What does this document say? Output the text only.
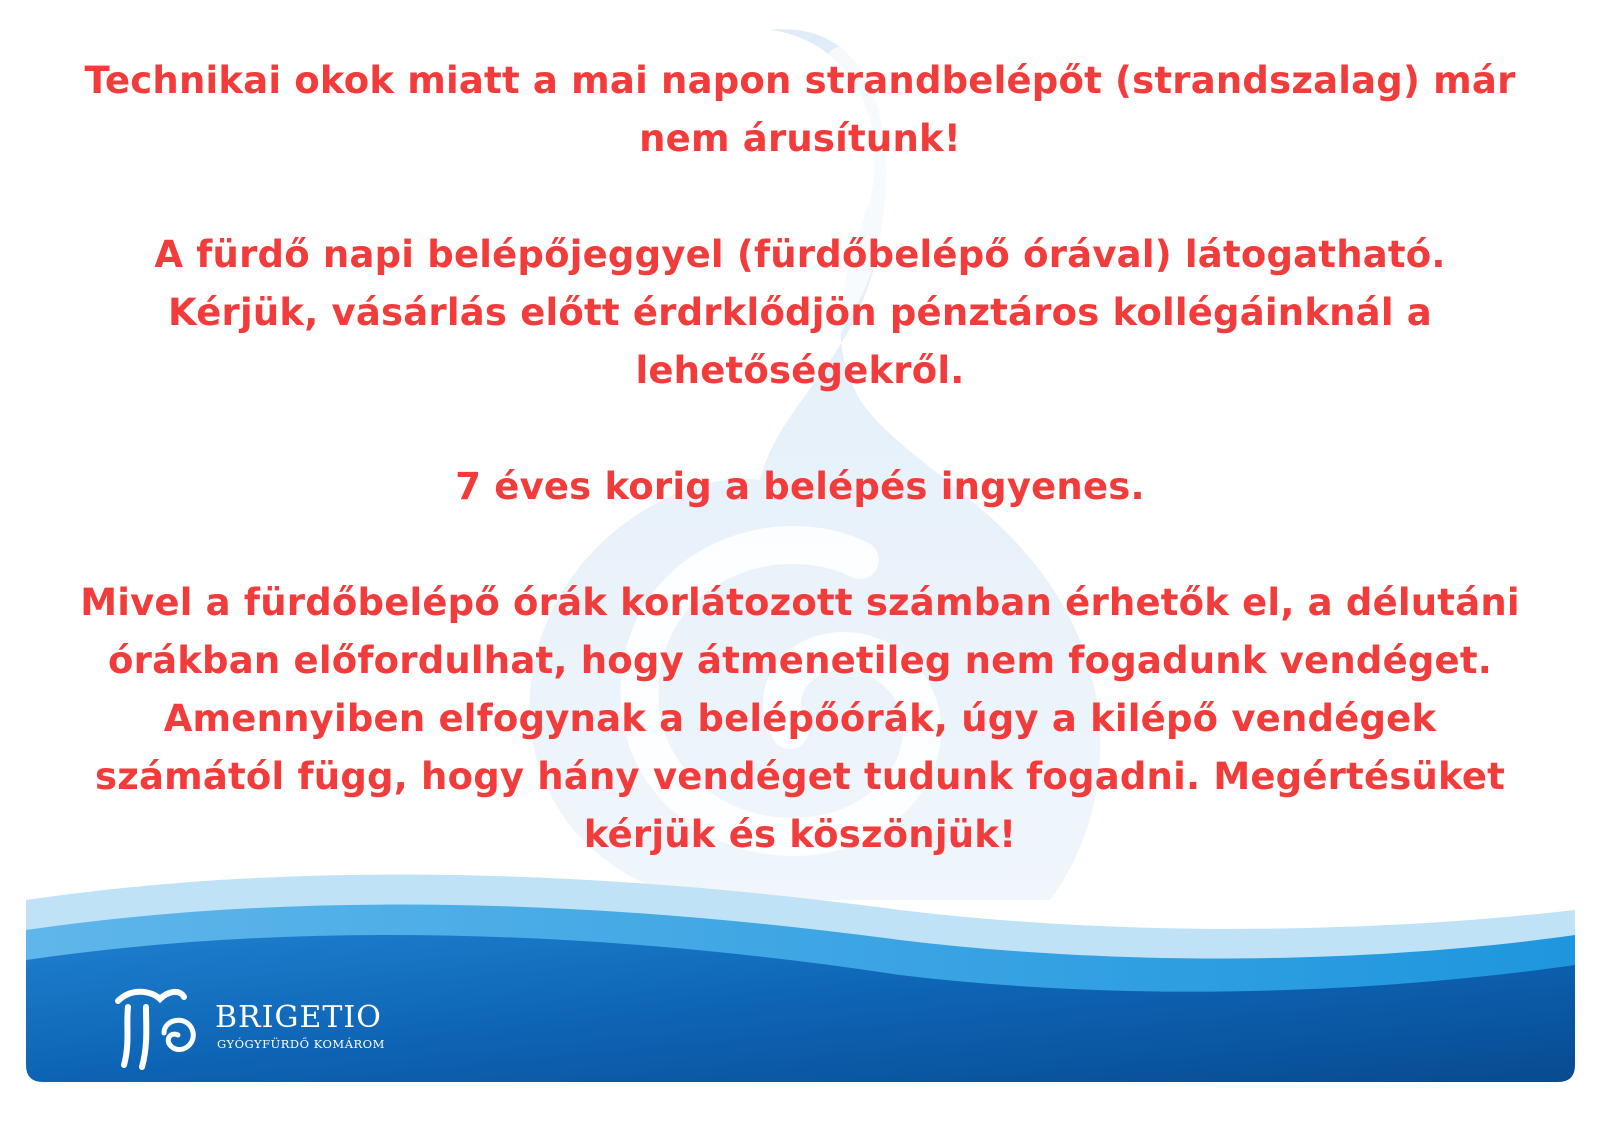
Technikai okok miatt a mai napon strandbelépőt (strandszalag) már nem árusítunk!

A fürdő napi belépőjeggyel (fürdőbelépő órával) látogatható. Kérjük, vásárlás előtt érdrklődjön pénztáros kollégáinknál a lehetőségekről.

7 éves korig a belépés ingyenes.

Mivel a fürdőbelépő órák korlátozott számban érhetők el, a délutáni órákban előfordulhat, hogy átmenetileg nem fogadunk vendéget. Amennyiben elfogynak a belépőórák, úgy a kilépő vendégek számától függ, hogy hány vendéget tudunk fogadni. Megértésüket kérjük és köszönjük!

BRIGETIO
GYÓGYFÜRDŐ KOMÁROM
